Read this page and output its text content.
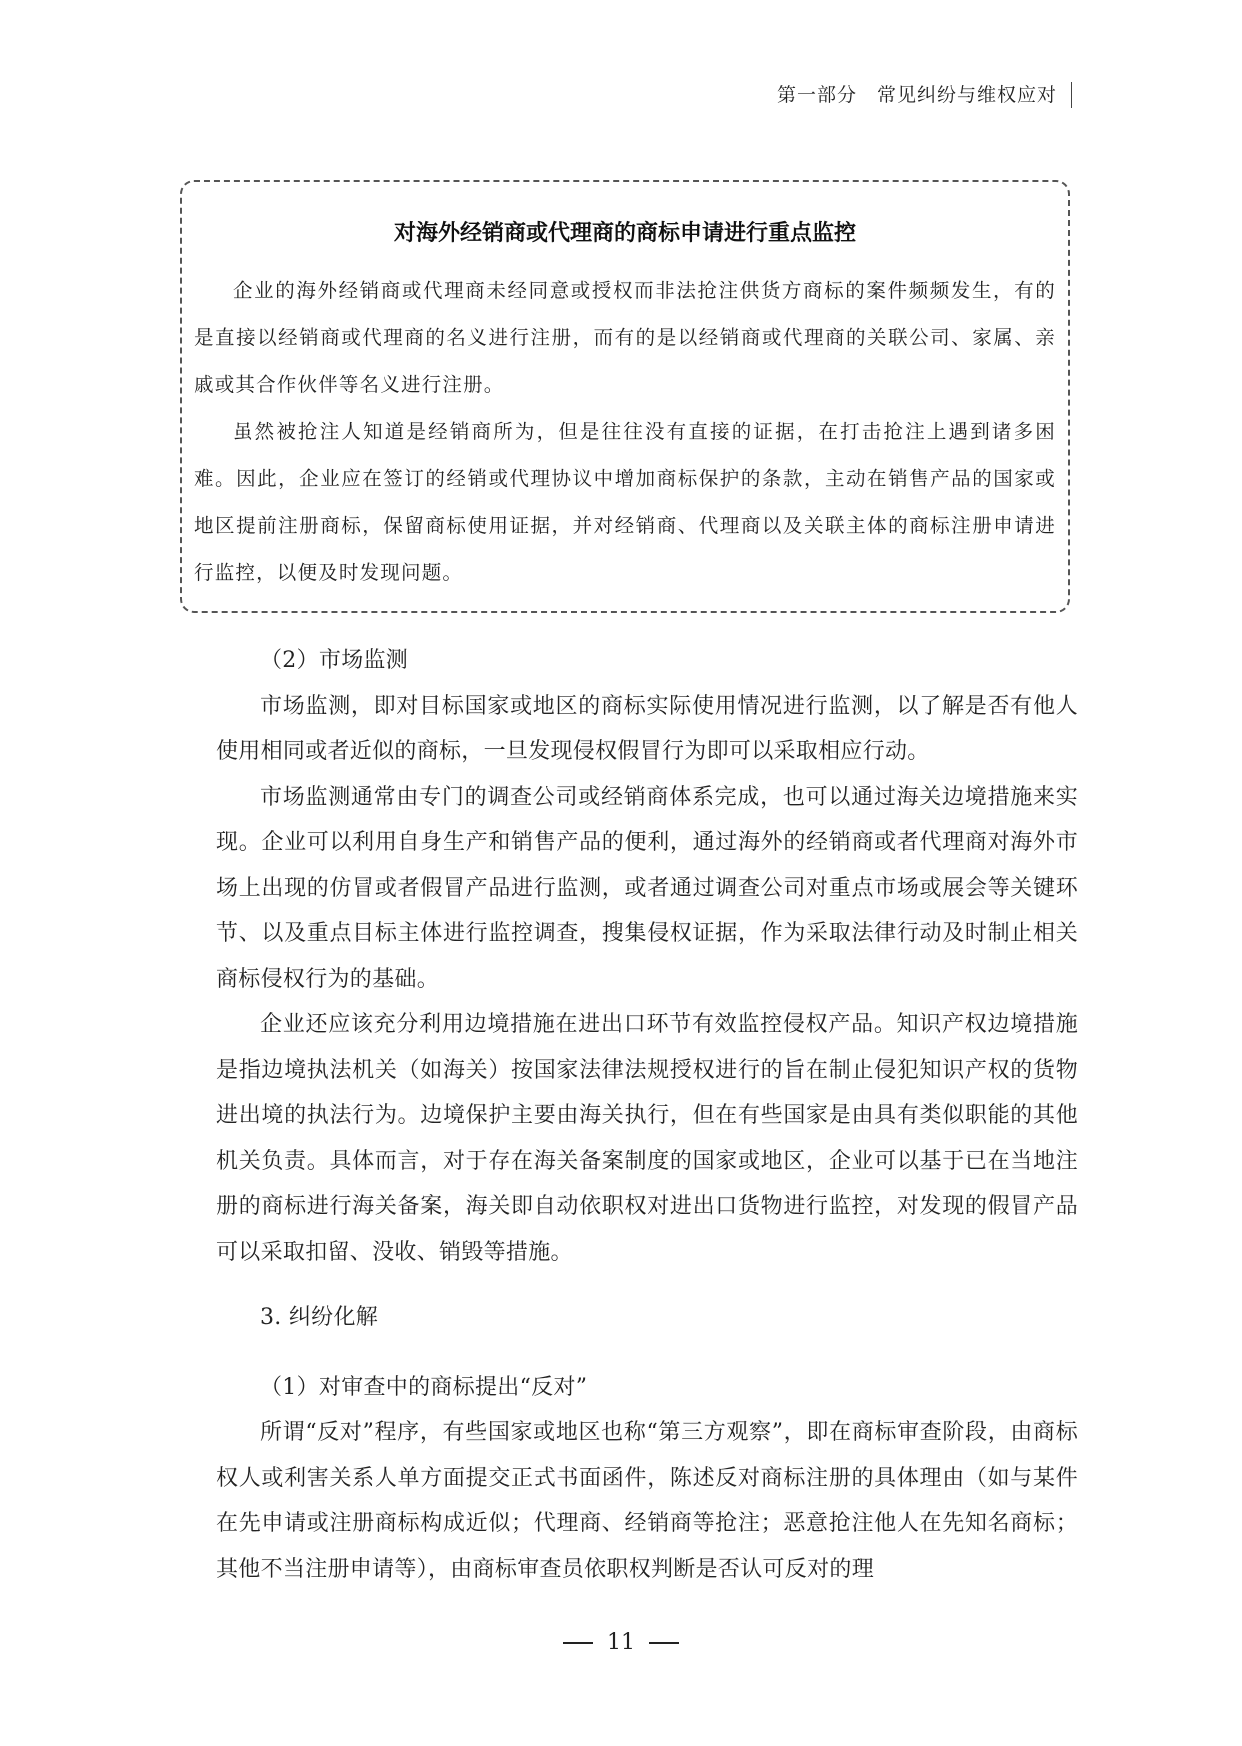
第一部分　常见纠纷与维权应对
对海外经销商或代理商的商标申请进行重点监控

企业的海外经销商或代理商未经同意或授权而非法抢注供货方商标的案件频频发生，有的是直接以经销商或代理商的名义进行注册，而有的是以经销商或代理商的关联公司、家属、亲戚或其合作伙伴等名义进行注册。

虽然被抢注人知道是经销商所为，但是往往没有直接的证据，在打击抢注上遇到诸多困难。因此，企业应在签订的经销或代理协议中增加商标保护的条款，主动在销售产品的国家或地区提前注册商标，保留商标使用证据，并对经销商、代理商以及关联主体的商标注册申请进行监控，以便及时发现问题。

（2）市场监测

市场监测，即对目标国家或地区的商标实际使用情况进行监测，以了解是否有他人使用相同或者近似的商标，一旦发现侵权假冒行为即可以采取相应行动。

市场监测通常由专门的调查公司或经销商体系完成，也可以通过海关边境措施来实现。企业可以利用自身生产和销售产品的便利，通过海外的经销商或者代理商对海外市场上出现的仿冒或者假冒产品进行监测，或者通过调查公司对重点市场或展会等关键环节、以及重点目标主体进行监控调查，搜集侵权证据，作为采取法律行动及时制止相关商标侵权行为的基础。

企业还应该充分利用边境措施在进出口环节有效监控侵权产品。知识产权边境措施是指边境执法机关（如海关）按国家法律法规授权进行的旨在制止侵犯知识产权的货物进出境的执法行为。边境保护主要由海关执行，但在有些国家是由具有类似职能的其他机关负责。具体而言，对于存在海关备案制度的国家或地区，企业可以基于已在当地注册的商标进行海关备案，海关即自动依职权对进出口货物进行监控，对发现的假冒产品可以采取扣留、没收、销毁等措施。

3. 纠纷化解

（1）对审查中的商标提出“反对”

所谓“反对”程序，有些国家或地区也称“第三方观察”，即在商标审查阶段，由商标权人或利害关系人单方面提交正式书面函件，陈述反对商标注册的具体理由（如与某件在先申请或注册商标构成近似；代理商、经销商等抢注；恶意抢注他人在先知名商标；其他不当注册申请等），由商标审查员依职权判断是否认可反对的理

11
